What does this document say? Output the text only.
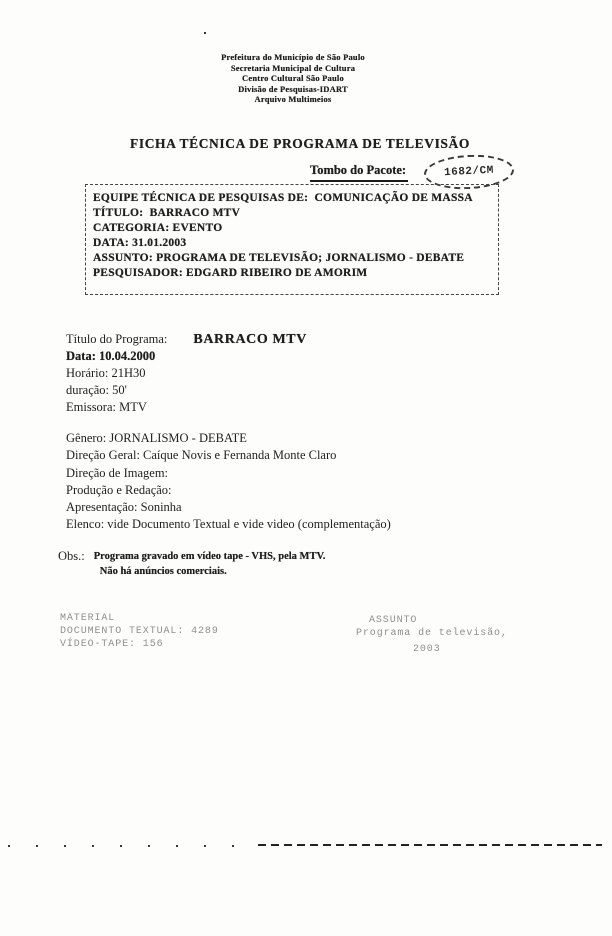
Prefeitura do Município de São Paulo
Secretaria Municipal de Cultura
Centro Cultural São Paulo
Divisão de Pesquisas-IDART
Arquivo Multimeios
FICHA TÉCNICA DE PROGRAMA DE TELEVISÃO
Tombo do Pacote:	1682/CM
EQUIPE TÉCNICA DE PESQUISAS DE:  COMUNICAÇÃO DE MASSA
TÍTULO:  BARRACO MTV
CATEGORIA: EVENTO
DATA: 31.01.2003
ASSUNTO: PROGRAMA DE TELEVISÃO; JORNALISMO - DEBATE
PESQUISADOR: EDGARD RIBEIRO DE AMORIM
Título do Programa: BARRACO MTV
Data: 10.04.2000
Horário: 21H30
duração: 50'
Emissora: MTV
Gênero: JORNALISMO - DEBATE
Direção Geral: Caíque Novis e Fernanda Monte Claro
Direção de Imagem:
Produção e Redação:
Apresentação: Soninha
Elenco: vide Documento Textual e vide video (complementação)
Obs.: Programa gravado em vídeo tape - VHS, pela MTV.
Não há anúncios comerciais.
MATERIAL
DOCUMENTO TEXTUAL: 4289
VÍDEO-TAPE: 156
ASSUNTO
Programa de televisão,
2003
